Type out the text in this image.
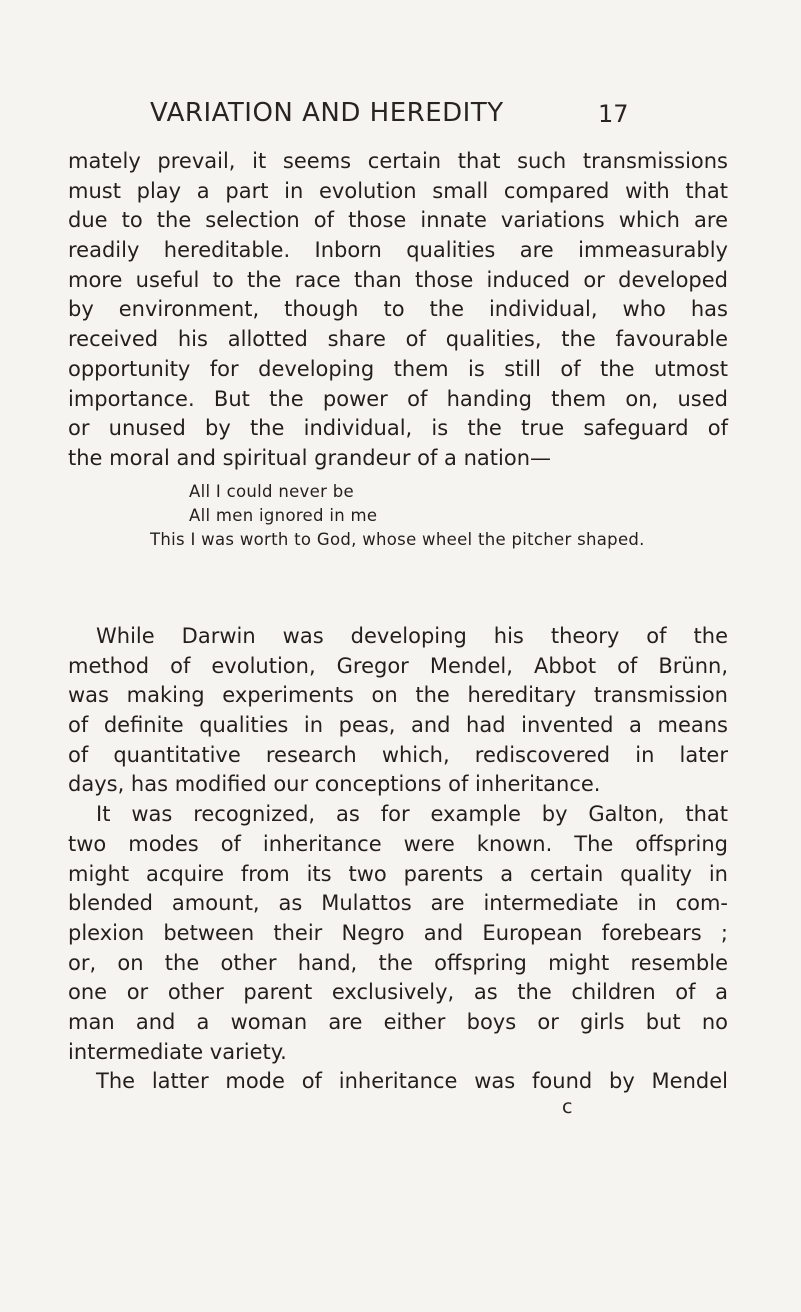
VARIATION AND HEREDITY	17
mately prevail, it seems certain that such transmissions
must play a part in evolution small compared with that
due to the selection of those innate variations which are
readily hereditable. Inborn qualities are immeasurably
more useful to the race than those induced or developed
by environment, though to the individual, who has
received his allotted share of qualities, the favourable
opportunity for developing them is still of the utmost
importance. But the power of handing them on, used
or unused by the individual, is the true safeguard of
the moral and spiritual grandeur of a nation—
All I could never be
All men ignored in me
This I was worth to God, whose wheel the pitcher shaped.
While Darwin was developing his theory of the
method of evolution, Gregor Mendel, Abbot of Brünn,
was making experiments on the hereditary transmission
of definite qualities in peas, and had invented a means
of quantitative research which, rediscovered in later
days, has modified our conceptions of inheritance.
It was recognized, as for example by Galton, that
two modes of inheritance were known. The offspring
might acquire from its two parents a certain quality in
blended amount, as Mulattos are intermediate in com-
plexion between their Negro and European forebears ;
or, on the other hand, the offspring might resemble
one or other parent exclusively, as the children of a
man and a woman are either boys or girls but no
intermediate variety.
The latter mode of inheritance was found by Mendel
c
